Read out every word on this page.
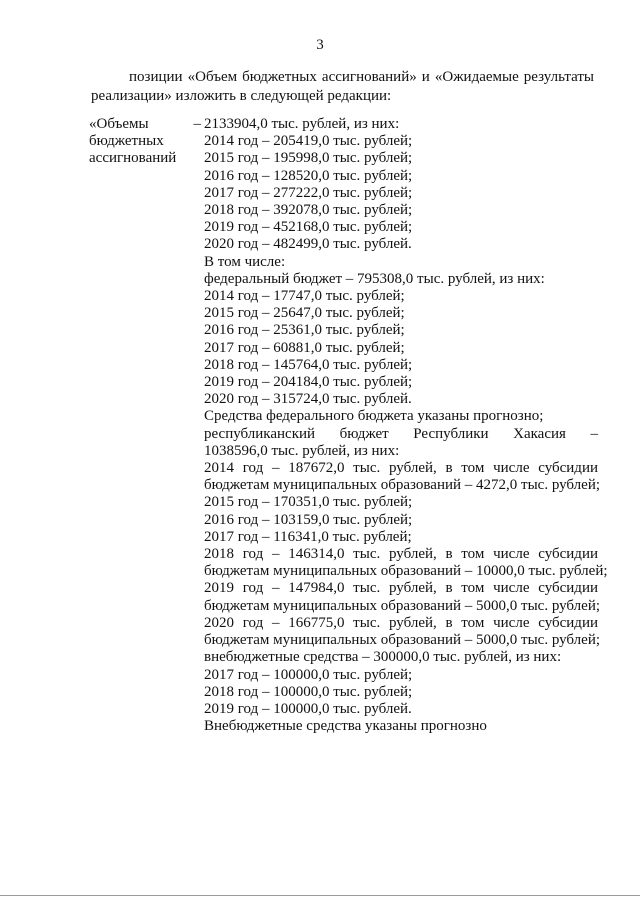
3
позиции «Объем бюджетных ассигнований» и «Ожидаемые результаты
реализации» изложить в следующей редакции:
«Объемы	–
бюджетных
ассигнований
2133904,0 тыс. рублей, из них:
2014 год – 205419,0 тыс. рублей;
2015 год – 195998,0 тыс. рублей;
2016 год – 128520,0 тыс. рублей;
2017 год – 277222,0 тыс. рублей;
2018 год – 392078,0 тыс. рублей;
2019 год – 452168,0 тыс. рублей;
2020 год – 482499,0 тыс. рублей.
В том числе:
федеральный бюджет – 795308,0 тыс. рублей, из них:
2014 год – 17747,0 тыс. рублей;
2015 год – 25647,0 тыс. рублей;
2016 год – 25361,0 тыс. рублей;
2017 год – 60881,0 тыс. рублей;
2018 год – 145764,0 тыс. рублей;
2019 год – 204184,0 тыс. рублей;
2020 год – 315724,0 тыс. рублей.
Средства федерального бюджета указаны прогнозно;
республиканский бюджет Республики Хакасия –
1038596,0 тыс. рублей, из них:
2014 год – 187672,0 тыс. рублей, в том числе субсидии
бюджетам муниципальных образований – 4272,0 тыс. рублей;
2015 год – 170351,0 тыс. рублей;
2016 год – 103159,0 тыс. рублей;
2017 год – 116341,0 тыс. рублей;
2018 год – 146314,0 тыс. рублей, в том числе субсидии
бюджетам муниципальных образований – 10000,0 тыс. рублей;
2019 год – 147984,0 тыс. рублей, в том числе субсидии
бюджетам муниципальных образований – 5000,0 тыс. рублей;
2020 год – 166775,0 тыс. рублей, в том числе субсидии
бюджетам муниципальных образований – 5000,0 тыс. рублей;
внебюджетные средства – 300000,0 тыс. рублей, из них:
2017 год – 100000,0 тыс. рублей;
2018 год – 100000,0 тыс. рублей;
2019 год – 100000,0 тыс. рублей.
Внебюджетные средства указаны прогнозно
